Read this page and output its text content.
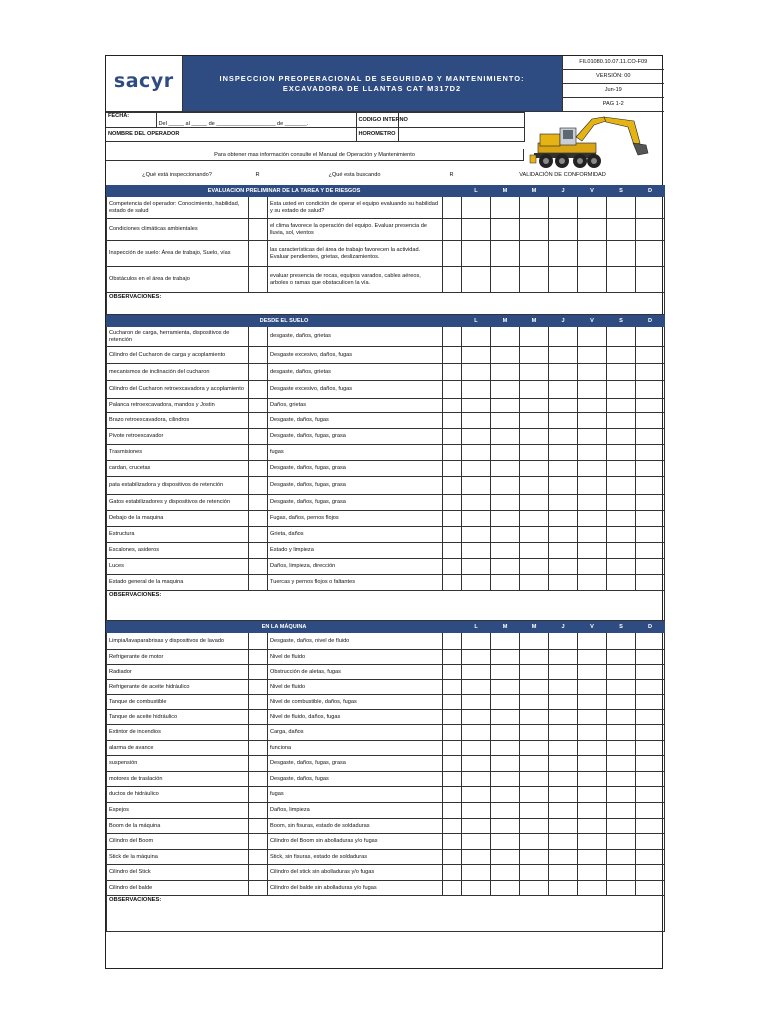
sacyr	INSPECCION PREOPERACIONAL DE SEGURIDAD Y MANTENIMIENTO: EXCAVADORA DE LLANTAS CAT M317D2	FIL01080.10.07.11.CO-F09
VERSIÓN: 00
Jun-19
PAG 1-2
FECHA:	Del _____ al _____ de ___________________ de _______.	CODIGO INTERNO	
NOMBRE DEL OPERADOR		HOROMETRO	
Para obtener mas información consulte el Manual de Operación y Mantenimiento
¿Qué está inspeccionando?	R	¿Qué esta buscando	R	VALIDACIÓN DE CONFORMIDAD
EVALUACION PRELIMINAR DE LA TAREA Y DE RIESGOS				L	M	M	J	V	S	D
Competencia del operador: Conocimiento, habilidad, estado de salud		Esta usted en condición de operar el equipo evaluando su habilidad y su estado de salud?								
Condiciones climáticas ambientales		el clima favorece la operación del equipo. Evaluar presencia de lluvia, sol, vientos								
Inspección de suelo: Área de trabajo, Suelo, vías		las características del área de trabajo favorecen la actividad. Evaluar pendientes, grietas, deslizamientos.								
Obstáculos en el área de trabajo		evaluar presencia de rocas, equipos varados, cables aéreos, arboles o ramas que obstaculicen la vía.								
OBSERVACIONES:										
DESDE EL SUELO				L	M	M	J	V	S	D
Cucharon de carga, herramienta, dispositivos de retención		desgaste, daños, grietas								
Cilindro del Cucharon de carga y acoplamiento		Desgaste excesivo, daños, fugas								
mecanismos de inclinación del cucharon		desgaste, daños, grietas								
Cilindro del Cucharon retroexcavadora y acoplamiento		Desgaste excesivo, daños, fugas								
Palanca retroexcavadora, mandos y Jostin		Daños, grietas								
Brazo retroexcavadora, cilindros		Desgaste, daños, fugas								
Pivote retroexcavador		Desgaste, daños, fugas, grasa								
Trasmisiones		fugas								
cardan, crucetas		Desgaste, daños, fugas, grasa								
pata estabilizadora y dispositivos de retención		Desgaste, daños, fugas, grasa								
Gatos estabilizadores y dispositivos de retención		Desgaste, daños, fugas, grasa								
Debajo de la maquina		Fugas, daños, pernos flojos								
Estructura		Grieta, daños								
Escalones, asideros		Estado y limpieza								
Luces		Daños, limpieza, dirección								
Estado general de la maquina		Tuercas y pernos flojos o faltantes								
OBSERVACIONES:										
EN LA MÁQUINA				L	M	M	J	V	S	D
Limpia/lavaparabrisas y dispositivos de lavado		Desgaste, daños, nivel de fluido								
Refrigerante de motor		Nivel de fluido								
Radiador		Obstrucción de aletas, fugas								
Refrigerante de aceite hidráulico		Nivel de fluido								
Tanque de combustible		Nivel de combustible, daños, fugas								
Tanque de aceite hidráulico		Nivel de fluido, daños, fugas								
Extintor de incendios		Carga, daños								
alarma de avance		funciona								
suspensión		Desgaste, daños, fugas, grasa								
motores de traslación		Desgaste, daños, fugas								
ductos de hidráulico		fugas								
Espejos		Daños, limpieza								
Boom de la máquina		Boom, sin fisuras, estado de soldaduras								
Cilindro del Boom		Cilindro del Boom sin abolladuras y/o fugas								
Stick de la máquina		Stick, sin fisuras, estado de soldaduras								
Cilindro del Stick		Cilindro del stick sin abolladuras y/o fugas								
Cilindro del balde		Cilindro del balde sin abolladuras y/o fugas								
OBSERVACIONES:										
